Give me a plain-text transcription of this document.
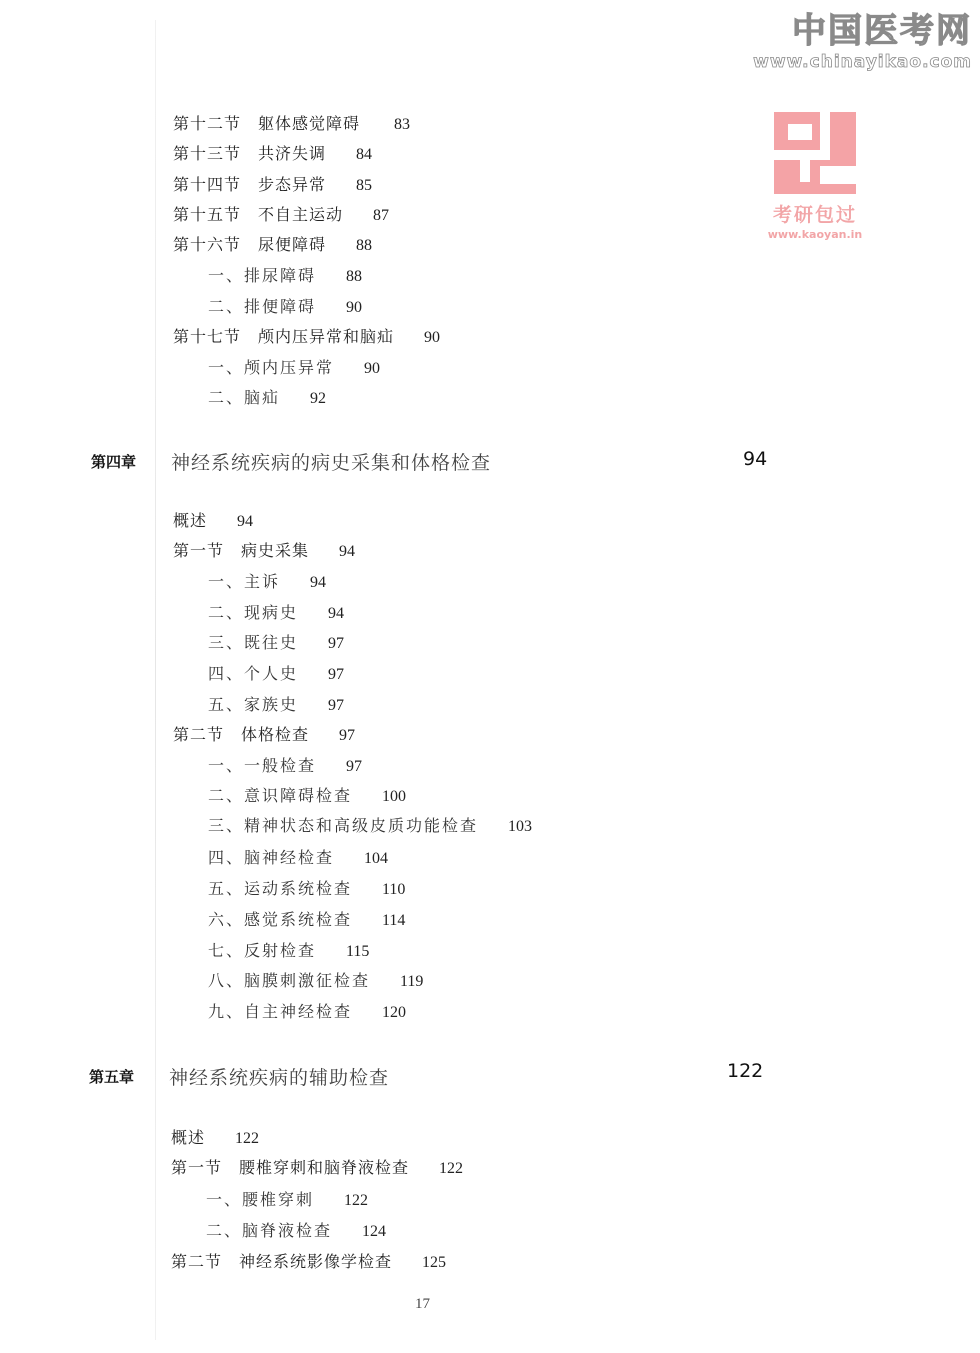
中国医考网
www.chinayikao.com
考研包过
www.kaoyan.in
第十二节　躯体感觉障碍 83
第十三节　共济失调 84
第十四节　步态异常 85
第十五节　不自主运动 87
第十六节　尿便障碍 88
一、排尿障碍 88
二、排便障碍 90
第十七节　颅内压异常和脑疝 90
一、颅内压异常 90
二、脑疝 92
第四章 神经系统疾病的病史采集和体格检查	94
概述 94
第一节　病史采集 94
一、主诉 94
二、现病史 94
三、既往史 97
四、个人史 97
五、家族史 97
第二节　体格检查 97
一、一般检查 97
二、意识障碍检查 100
三、精神状态和高级皮质功能检查 103
四、脑神经检查 104
五、运动系统检查 110
六、感觉系统检查 114
七、反射检查 115
八、脑膜刺激征检查 119
九、自主神经检查 120
第五章 神经系统疾病的辅助检查	122
概述 122
第一节　腰椎穿刺和脑脊液检查 122
一、腰椎穿刺 122
二、脑脊液检查 124
第二节　神经系统影像学检查 125
17
